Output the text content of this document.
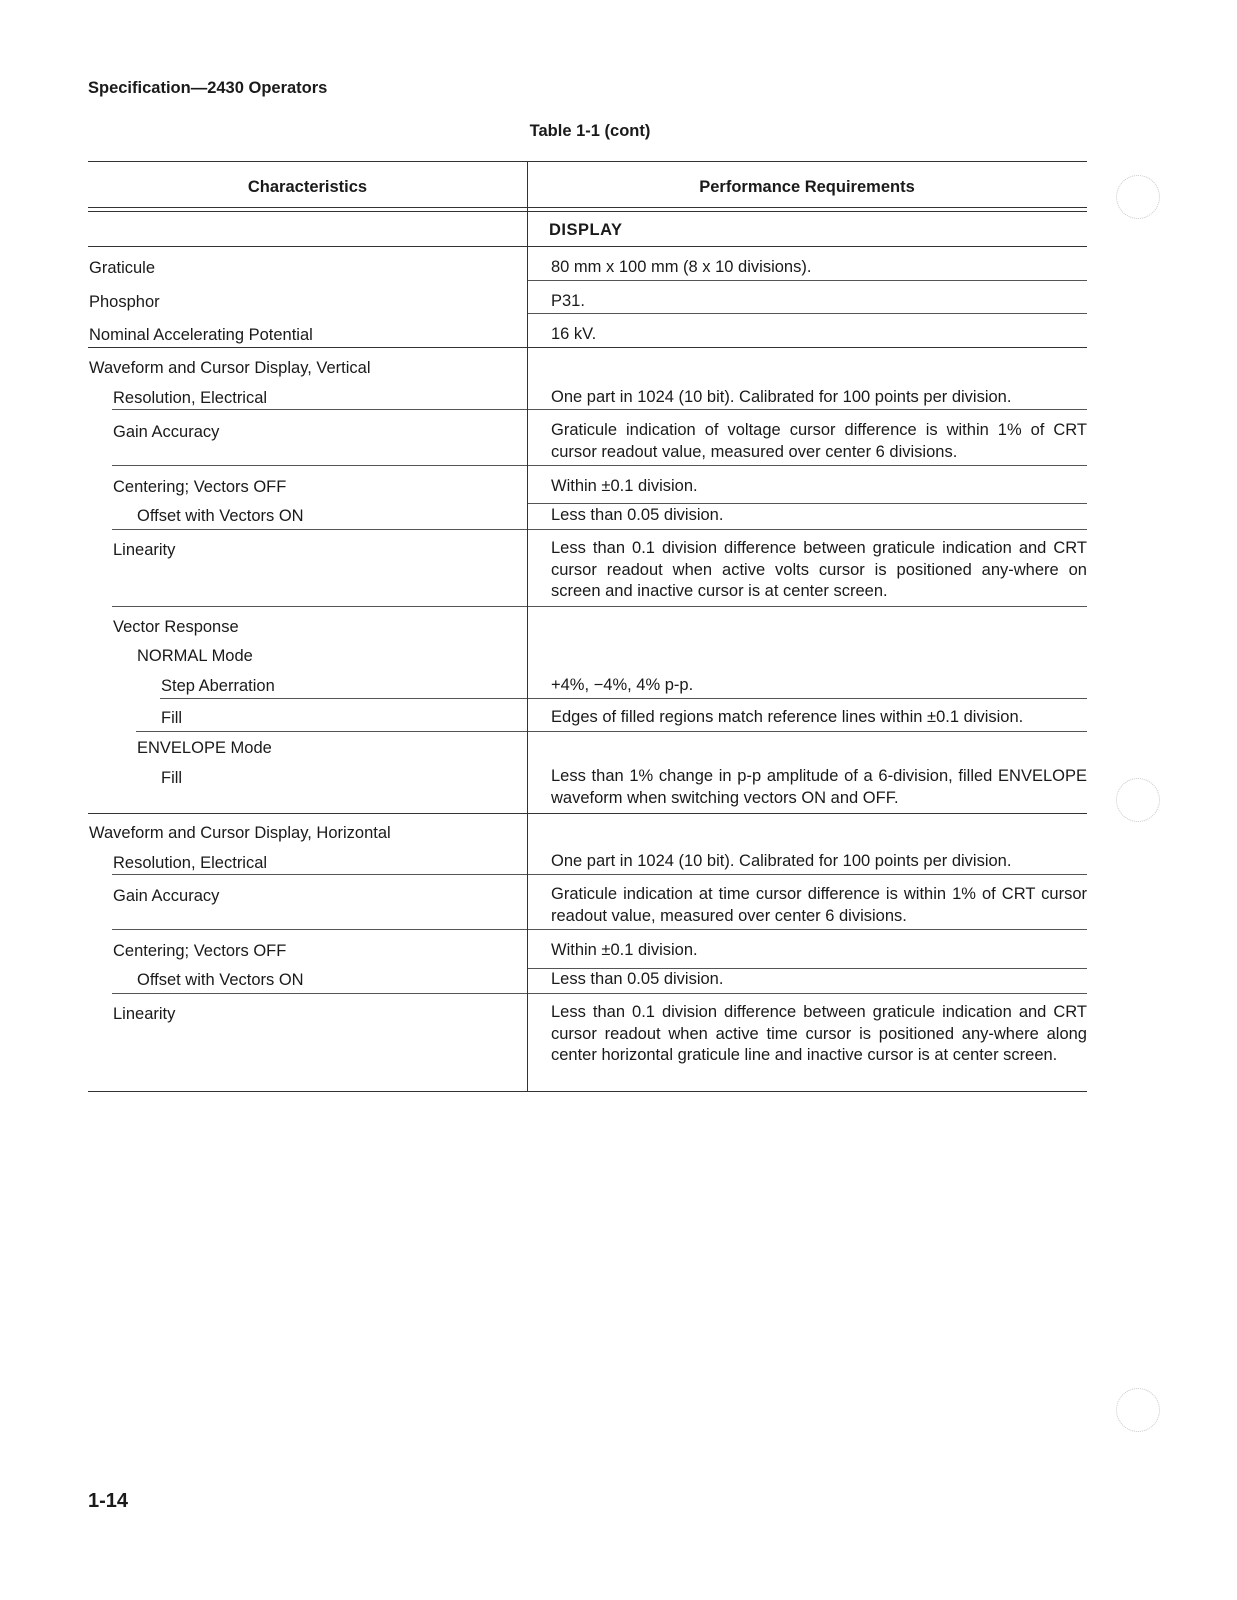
Specification—2430 Operators
Table 1-1 (cont)
Characteristics	Performance Requirements
DISPLAY
Graticule
Phosphor
Nominal Accelerating Potential
Waveform and Cursor Display, Vertical
Resolution, Electrical
Gain Accuracy
Centering; Vectors OFF
Offset with Vectors ON
Linearity
Vector Response
NORMAL Mode
Step Aberration
Fill
ENVELOPE Mode
Fill
Waveform and Cursor Display, Horizontal
Resolution, Electrical
Gain Accuracy
Centering; Vectors OFF
Offset with Vectors ON
Linearity
80 mm x 100 mm (8 x 10 divisions).
P31.
16 kV.
One part in 1024 (10 bit). Calibrated for 100 points per division.
Graticule indication of voltage cursor difference is within 1% of CRT cursor readout value, measured over center 6 divisions.
Within ±0.1 division.
Less than 0.05 division.
Less than 0.1 division difference between graticule indication and CRT cursor readout when active volts cursor is positioned any-where on screen and inactive cursor is at center screen.
+4%, −4%, 4% p-p.
Edges of filled regions match reference lines within ±0.1 division.
Less than 1% change in p-p amplitude of a 6-division, filled ENVELOPE waveform when switching vectors ON and OFF.
One part in 1024 (10 bit). Calibrated for 100 points per division.
Graticule indication at time cursor difference is within 1% of CRT cursor readout value, measured over center 6 divisions.
Within ±0.1 division.
Less than 0.05 division.
Less than 0.1 division difference between graticule indication and CRT cursor readout when active time cursor is positioned any-where along center horizontal graticule line and inactive cursor is at center screen.
1-14
